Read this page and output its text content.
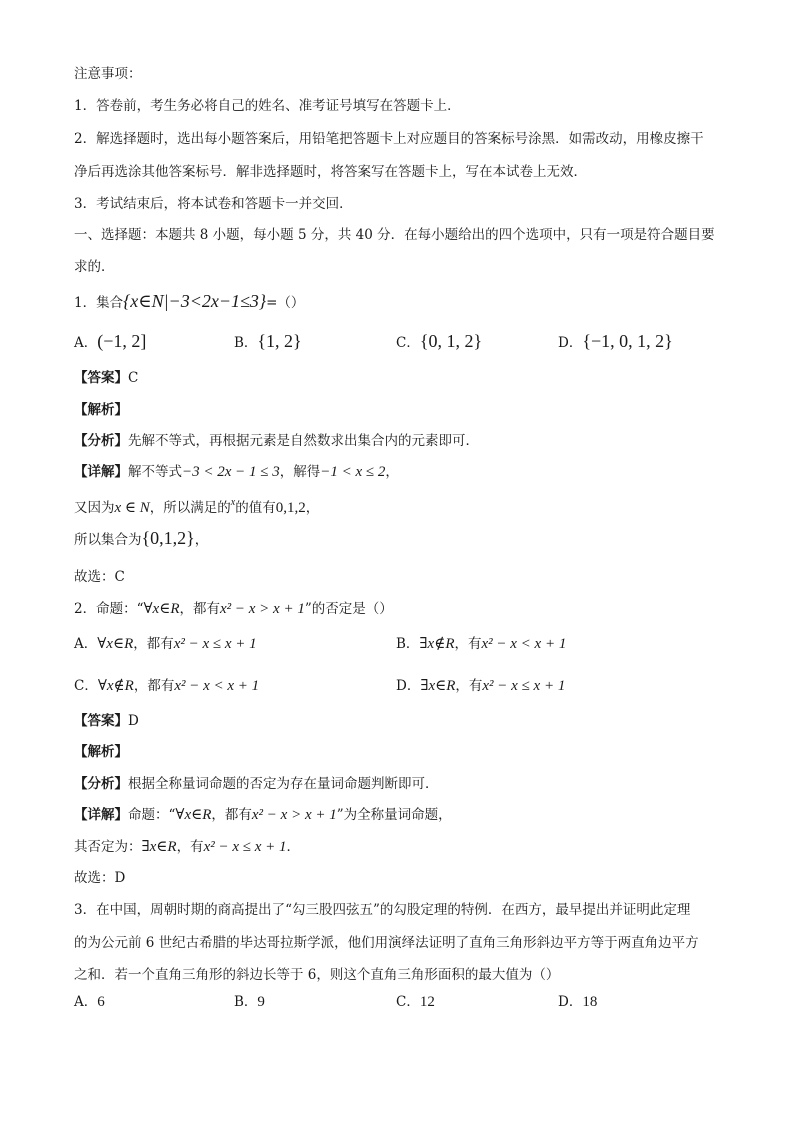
注意事项：
1．答卷前，考生务必将自己的姓名、准考证号填写在答题卡上．
2．解选择题时，选出每小题答案后，用铅笔把答题卡上对应题目的答案标号涂黑．如需改动，用橡皮擦干
净后再选涂其他答案标号．解非选择题时，将答案写在答题卡上，写在本试卷上无效．
3．考试结束后，将本试卷和答题卡一并交回．
一、选择题：本题共 8 小题，每小题 5 分，共 40 分．在每小题给出的四个选项中，只有一项是符合题目要
求的．
1．集合{x∈N|−3<2x−1≤3}=（）
A．(−1, 2]	B．{1, 2}	C．{0, 1, 2}	D．{−1, 0, 1, 2}
【答案】C
【解析】
【分析】先解不等式，再根据元素是自然数求出集合内的元素即可．
【详解】解不等式−3 < 2x − 1 ≤ 3，解得−1 < x ≤ 2，
又因为x ∈ N，所以满足的$^x$的值有0,1,2，
所以集合为{0,1,2}，
故选：C
2．命题：“∀x∈R，都有x² − x > x + 1”的否定是（）
A．∀x∈R，都有x² − x ≤ x + 1	B．∃x∉R，有x² − x < x + 1
C．∀x∉R，都有x² − x < x + 1	D．∃x∈R，有x² − x ≤ x + 1
【答案】D
【解析】
【分析】根据全称量词命题的否定为存在量词命题判断即可．
【详解】命题：“∀x∈R，都有x² − x > x + 1”为全称量词命题，
其否定为：∃x∈R，有x² − x ≤ x + 1．
故选：D
3．在中国，周朝时期的商高提出了“勾三股四弦五”的勾股定理的特例．在西方，最早提出并证明此定理
的为公元前 6 世纪古希腊的毕达哥拉斯学派，他们用演绎法证明了直角三角形斜边平方等于两直角边平方
之和．若一个直角三角形的斜边长等于 6，则这个直角三角形面积的最大值为（）
A．6	B．9	C．12	D．18
